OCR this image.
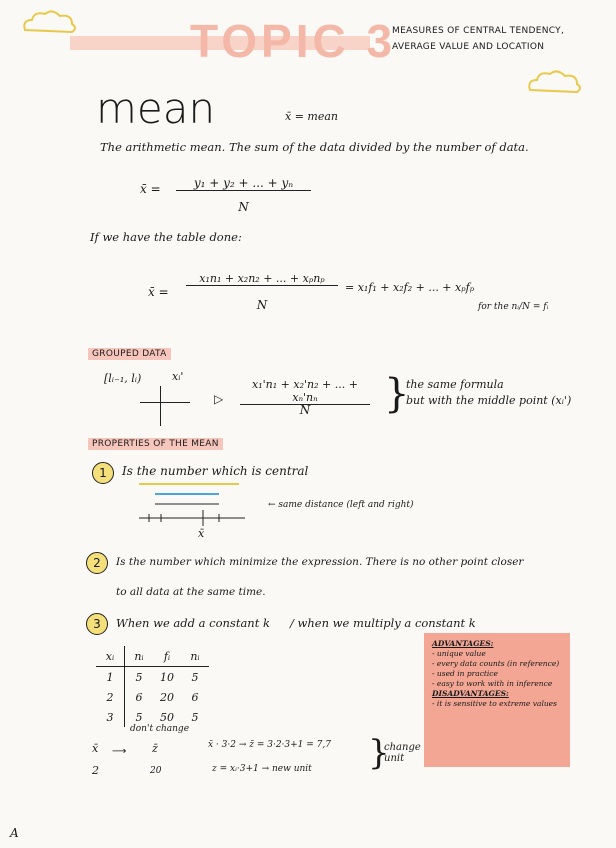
TOPIC 3
MEASURES OF CENTRAL TENDENCY,
AVERAGE VALUE AND LOCATION
mean	x̄ = mean
The arithmetic mean. The sum of the data divided by the number of data.
x̄ =	y₁ + y₂ + ... + yₙ
N
If we have the table done:
x̄ =
x₁n₁ + x₂n₂ + ... + xₚnₚ
N
= x₁f₁ + x₂f₂ + ... + xₚfₚ
for the nᵢ/N = fᵢ
GROUPED DATA
[lᵢ₋₁, lᵢ)	xᵢ'
▷
x₁'n₁ + x₂'n₂ + ... + xₙ'nₙ
N	}
the same formula
but with the middle point (xᵢ')
PROPERTIES OF THE MEAN
1	Is the number which is central
← same distance (left and right)
x̄
2	Is the number which minimize the expression. There is no other point closer
to all data at the same time.
3	When we add a constant k / when we multiply a constant k
xᵢ	nᵢ	fᵢ	nᵢ
1	5	10	5
2	6	20	6
3	5	50	5
don't change
x̄
2
⟶ z̄
20
x̄ · 3·2 → z̄ = 3·2·3+1 = 7,7
z = xᵢ·3+1 → new unit }
change unit
ADVANTAGES:
- unique value
- every data counts (in reference)
- used in practice
- easy to work with in inference
DISADVANTAGES:
- it is sensitive to extreme values
A
